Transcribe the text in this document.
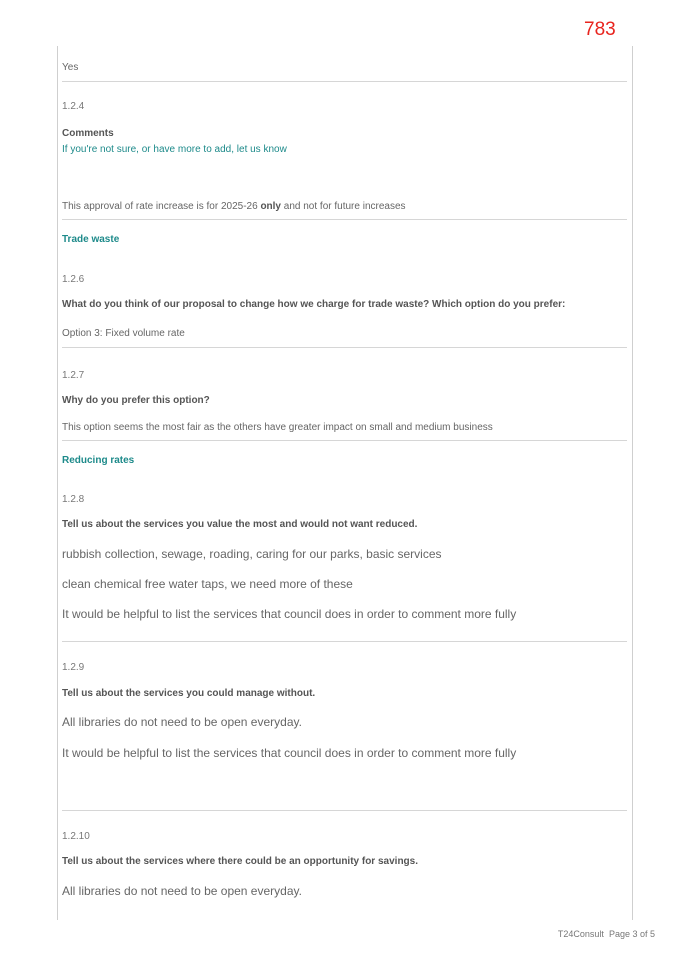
783
Yes
1.2.4
Comments
If you're not sure, or have more to add, let us know
This approval of rate increase is for 2025-26 only and not for future increases
Trade waste
1.2.6
What do you think of our proposal to change how we charge for trade waste? Which option do you prefer:
Option 3: Fixed volume rate
1.2.7
Why do you prefer this option?
This option seems the most fair as the others have greater impact on small and medium business
Reducing rates
1.2.8
Tell us about the services you value the most and would not want reduced.
rubbish collection, sewage, roading, caring for our parks, basic services
clean chemical free water taps, we need more of these
It would be helpful to list the services that council does in order to comment more fully
1.2.9
Tell us about the services you could manage without.
All libraries do not need to be open everyday.
It would be helpful to list the services that council does in order to comment more fully
1.2.10
Tell us about the services where there could be an opportunity for savings.
All libraries do not need to be open everyday.
T24Consult Page 3 of 5
